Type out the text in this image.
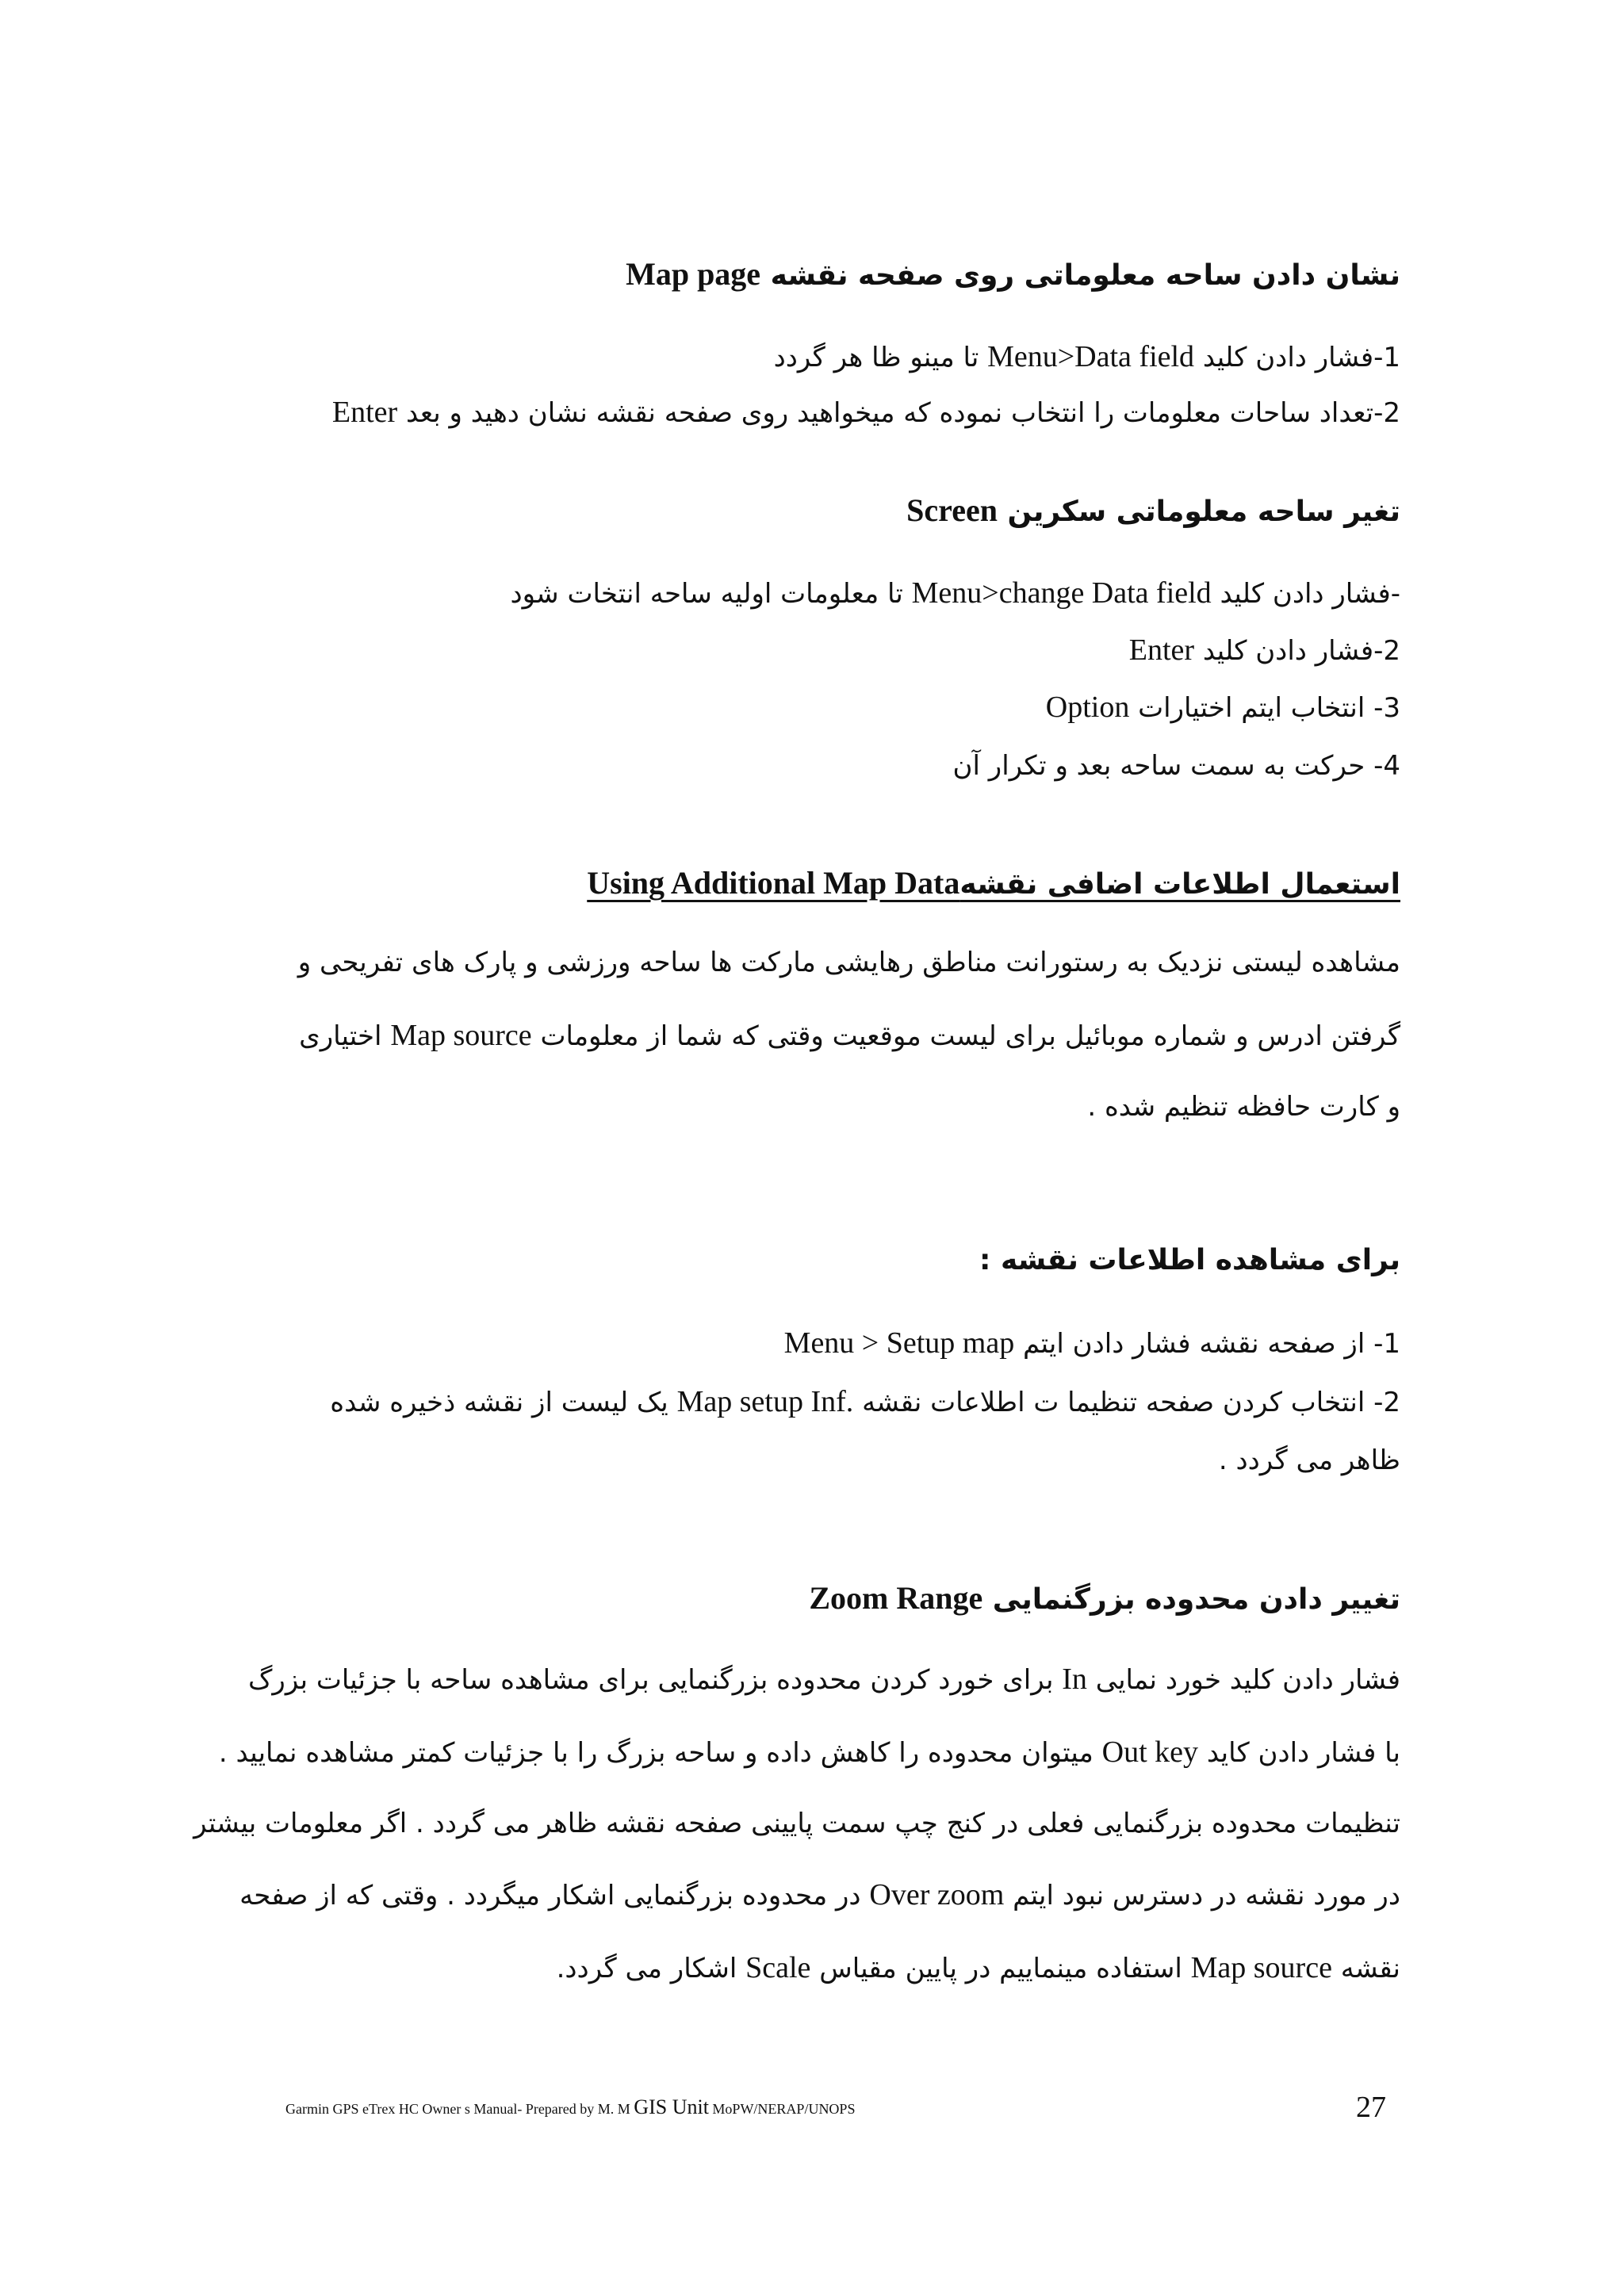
نشان دادن ساحه معلوماتی روی صفحه نقشه Map page
1-فشار دادن کلید Menu>Data field تا مینو ظا هر گردد
2-تعداد ساحات معلومات را انتخاب نموده که میخواهید روی صفحه نقشه نشان دهید و بعد Enter
تغیر ساحه معلوماتی سکرین Screen
-فشار دادن کلید Menu>change Data field تا معلومات اولیه ساحه انتخات شود
2-فشار دادن کلید Enter
3- انتخاب ایتم اختیارات Option
4- حرکت به سمت ساحه بعد و تکرار آن
استعمال اطلاعات اضافی نقشهUsing Additional Map Data
مشاهده لیستی نزدیک به رستورانت مناطق رهایشی مارکت ها ساحه ورزشی و پارک های تفریحی و
گرفتن ادرس و شماره موبائیل برای لیست موقعیت وقتی که شما از معلومات Map source اختیاری
و کارت حافظه تنظیم شده .
برای مشاهده اطلاعات نقشه :
1- از صفحه نقشه فشار دادن ایتم Menu > Setup map
2- انتخاب کردن صفحه تنظیما ت اطلاعات نقشه Map setup Inf. یک لیست از نقشه ذخیره شده
ظاهر می گردد .
تغییر دادن محدوده بزرگنمایی Zoom Range
فشار دادن کلید خورد نمایی In برای خورد کردن محدوده بزرگنمایی برای مشاهده ساحه با جزئیات بزرگ
با فشار دادن کاید Out key میتوان محدوده را کاهش داده و ساحه بزرگ را با جزئیات کمتر مشاهده نمایید .
تنظیمات محدوده بزرگنمایی فعلی در کنج چپ سمت پایینی صفحه نقشه ظاهر می گردد . اگر معلومات بیشتر
در مورد نقشه در دسترس نبود ایتم Over zoom در محدوده بزرگنمایی اشکار میگردد . وقتی که از صفحه
نقشه Map source استفاده مینماییم در پایین مقیاس Scale اشکار می گردد.
Garmin GPS eTrex HC Owner s Manual- Prepared by M. M GIS Unit MoPW/NERAP/UNOPS	27
